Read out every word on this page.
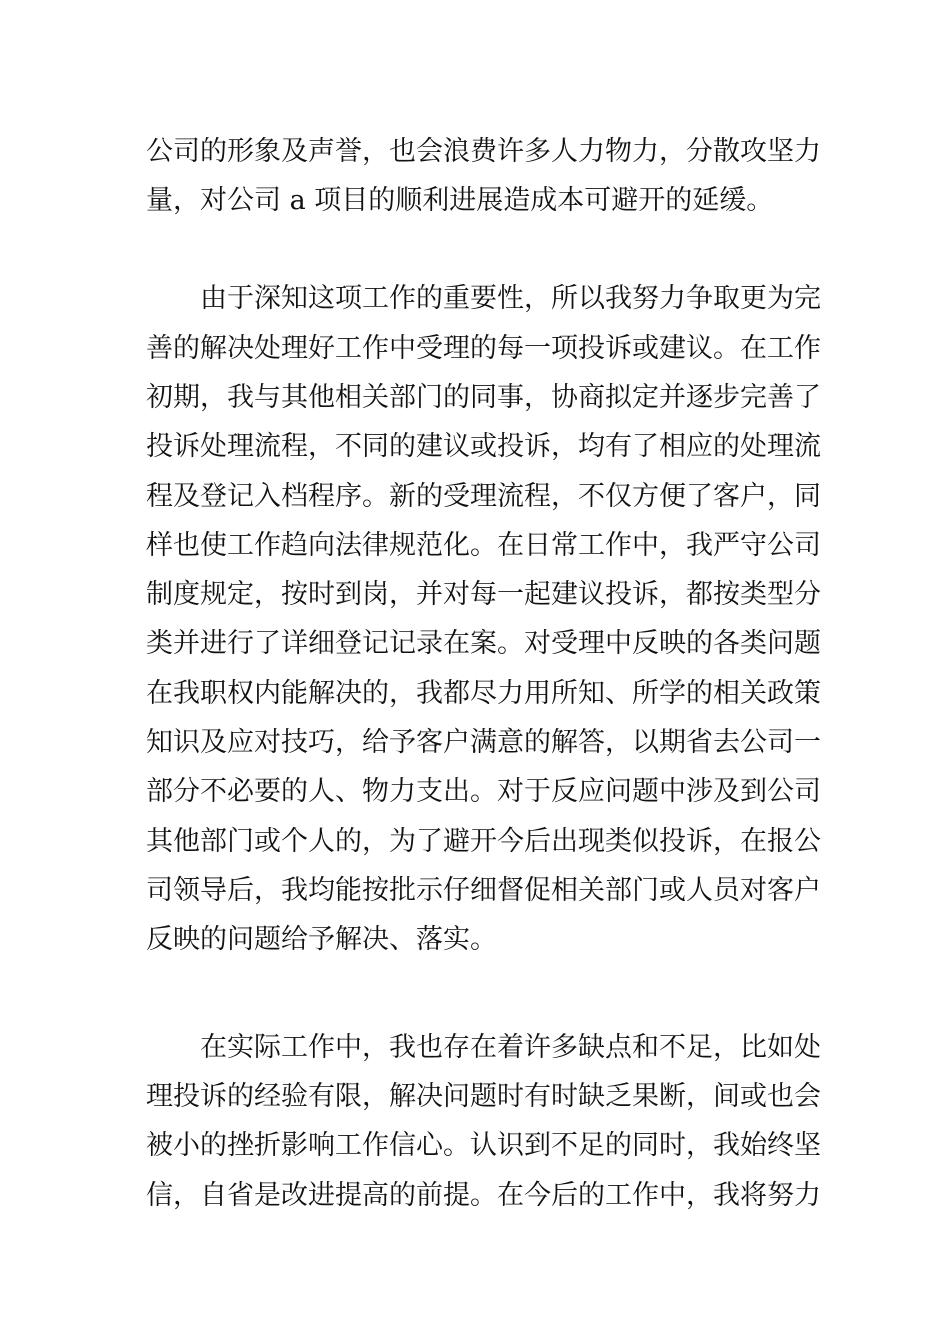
公司的形象及声誉，也会浪费许多人力物力，分散攻坚力
量，对公司 a 项目的顺利进展造成本可避开的延缓。
由于深知这项工作的重要性，所以我努力争取更为完
善的解决处理好工作中受理的每一项投诉或建议。在工作
初期，我与其他相关部门的同事，协商拟定并逐步完善了
投诉处理流程，不同的建议或投诉，均有了相应的处理流
程及登记入档程序。新的受理流程，不仅方便了客户，同
样也使工作趋向法律规范化。在日常工作中，我严守公司
制度规定，按时到岗，并对每一起建议投诉，都按类型分
类并进行了详细登记记录在案。对受理中反映的各类问题
在我职权内能解决的，我都尽力用所知、所学的相关政策
知识及应对技巧，给予客户满意的解答，以期省去公司一
部分不必要的人、物力支出。对于反应问题中涉及到公司
其他部门或个人的，为了避开今后出现类似投诉，在报公
司领导后，我均能按批示仔细督促相关部门或人员对客户
反映的问题给予解决、落实。
在实际工作中，我也存在着许多缺点和不足，比如处
理投诉的经验有限，解决问题时有时缺乏果断，间或也会
被小的挫折影响工作信心。认识到不足的同时，我始终坚
信，自省是改进提高的前提。在今后的工作中，我将努力
